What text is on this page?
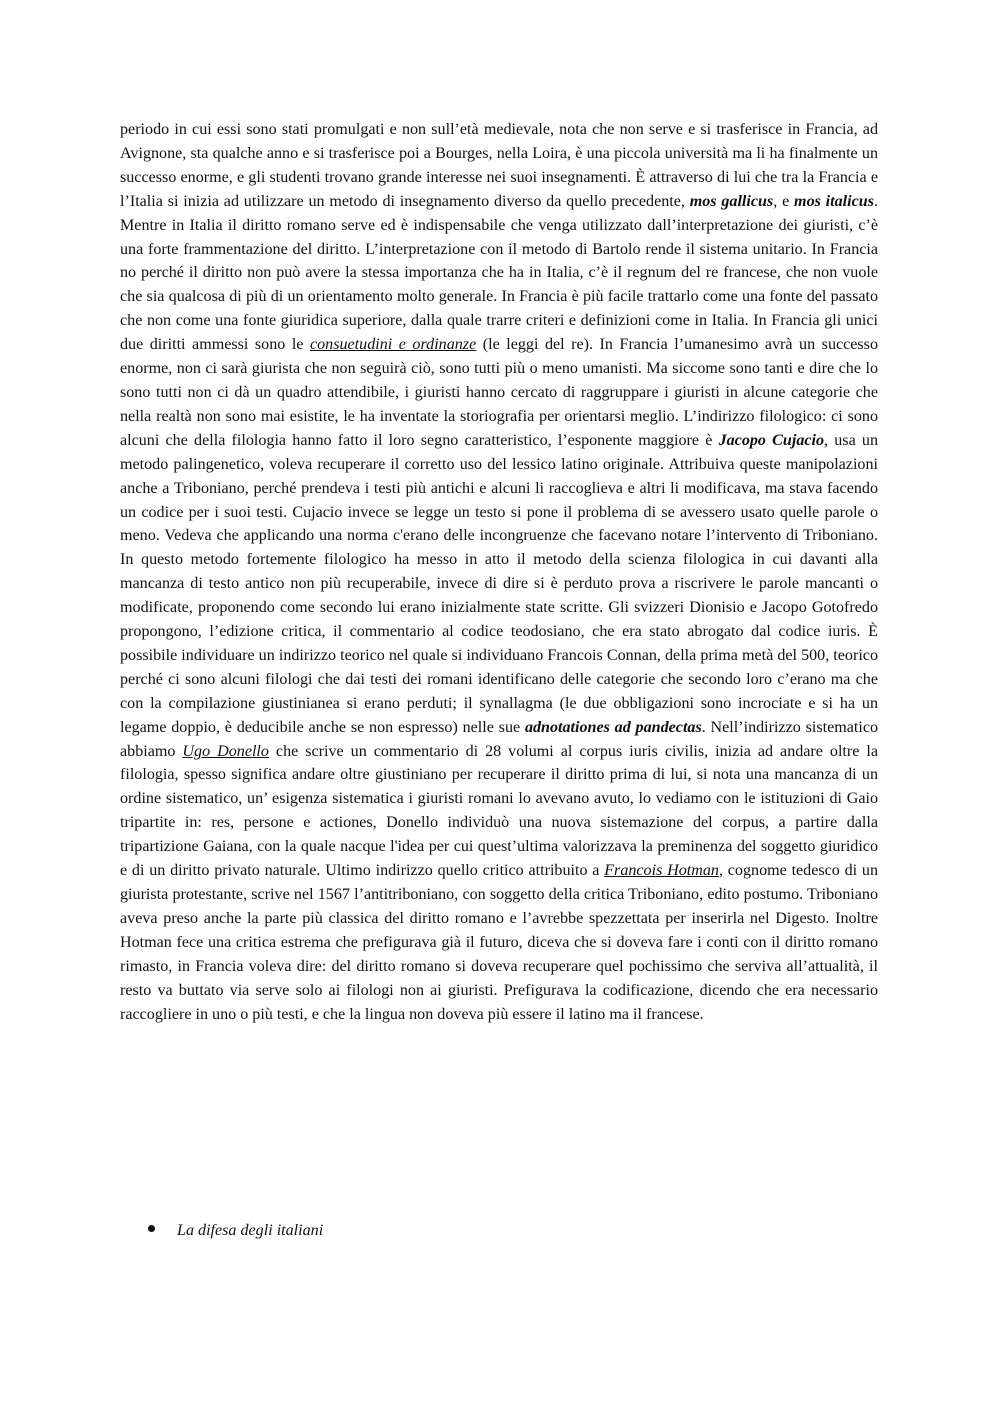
periodo in cui essi sono stati promulgati e non sull’età medievale, nota che non serve e si trasferisce in Francia, ad Avignone, sta qualche anno e si trasferisce poi a Bourges, nella Loira, è una piccola università ma li ha finalmente un successo enorme, e gli studenti trovano grande interesse nei suoi insegnamenti. È attraverso di lui che tra la Francia e l’Italia si inizia ad utilizzare un metodo di insegnamento diverso da quello precedente, mos gallicus, e mos italicus. Mentre in Italia il diritto romano serve ed è indispensabile che venga utilizzato dall’interpretazione dei giuristi, c’è una forte frammentazione del diritto. L’interpretazione con il metodo di Bartolo rende il sistema unitario. In Francia no perché il diritto non può avere la stessa importanza che ha in Italia, c’è il regnum del re francese, che non vuole che sia qualcosa di più di un orientamento molto generale. In Francia è più facile trattarlo come una fonte del passato che non come una fonte giuridica superiore, dalla quale trarre criteri e definizioni come in Italia. In Francia gli unici due diritti ammessi sono le consuetudini e ordinanze (le leggi del re). In Francia l’umanesimo avrà un successo enorme, non ci sarà giurista che non seguirà ciò, sono tutti più o meno umanisti. Ma siccome sono tanti e dire che lo sono tutti non ci dà un quadro attendibile, i giuristi hanno cercato di raggruppare i giuristi in alcune categorie che nella realtà non sono mai esistite, le ha inventate la storiografia per orientarsi meglio. L’indirizzo filologico: ci sono alcuni che della filologia hanno fatto il loro segno caratteristico, l’esponente maggiore è Jacopo Cujacio, usa un metodo palingenetico, voleva recuperare il corretto uso del lessico latino originale. Attribuiva queste manipolazioni anche a Triboniano, perché prendeva i testi più antichi e alcuni li raccoglieva e altri li modificava, ma stava facendo un codice per i suoi testi. Cujacio invece se legge un testo si pone il problema di se avessero usato quelle parole o meno. Vedeva che applicando una norma c'erano delle incongruenze che facevano notare l’intervento di Triboniano. In questo metodo fortemente filologico ha messo in atto il metodo della scienza filologica in cui davanti alla mancanza di testo antico non più recuperabile, invece di dire si è perduto prova a riscrivere le parole mancanti o modificate, proponendo come secondo lui erano inizialmente state scritte. Gli svizzeri Dionisio e Jacopo Gotofredo propongono, l’edizione critica, il commentario al codice teodosiano, che era stato abrogato dal codice iuris. È possibile individuare un indirizzo teorico nel quale si individuano Francois Connan, della prima metà del 500, teorico perché ci sono alcuni filologi che dai testi dei romani identificano delle categorie che secondo loro c’erano ma che con la compilazione giustinianea si erano perduti; il synallagma (le due obbligazioni sono incrociate e si ha un legame doppio, è deducibile anche se non espresso) nelle sue adnotationes ad pandectas. Nell’indirizzo sistematico abbiamo Ugo Donello che scrive un commentario di 28 volumi al corpus iuris civilis, inizia ad andare oltre la filologia, spesso significa andare oltre giustiniano per recuperare il diritto prima di lui, si nota una mancanza di un ordine sistematico, un’ esigenza sistematica i giuristi romani lo avevano avuto, lo vediamo con le istituzioni di Gaio tripartite in: res, persone e actiones, Donello individuò una nuova sistemazione del corpus, a partire dalla tripartizione Gaiana, con la quale nacque l'idea per cui quest’ultima valorizzava la preminenza del soggetto giuridico e di un diritto privato naturale. Ultimo indirizzo quello critico attribuito a Francois Hotman, cognome tedesco di un giurista protestante, scrive nel 1567 l’antitriboniano, con soggetto della critica Triboniano, edito postumo. Triboniano aveva preso anche la parte più classica del diritto romano e l’avrebbe spezzettata per inserirla nel Digesto. Inoltre Hotman fece una critica estrema che prefigurava già il futuro, diceva che si doveva fare i conti con il diritto romano rimasto, in Francia voleva dire: del diritto romano si doveva recuperare quel pochissimo che serviva all’attualità, il resto va buttato via serve solo ai filologi non ai giuristi. Prefigurava la codificazione, dicendo che era necessario raccogliere in uno o più testi, e che la lingua non doveva più essere il latino ma il francese.

La difesa degli italiani
